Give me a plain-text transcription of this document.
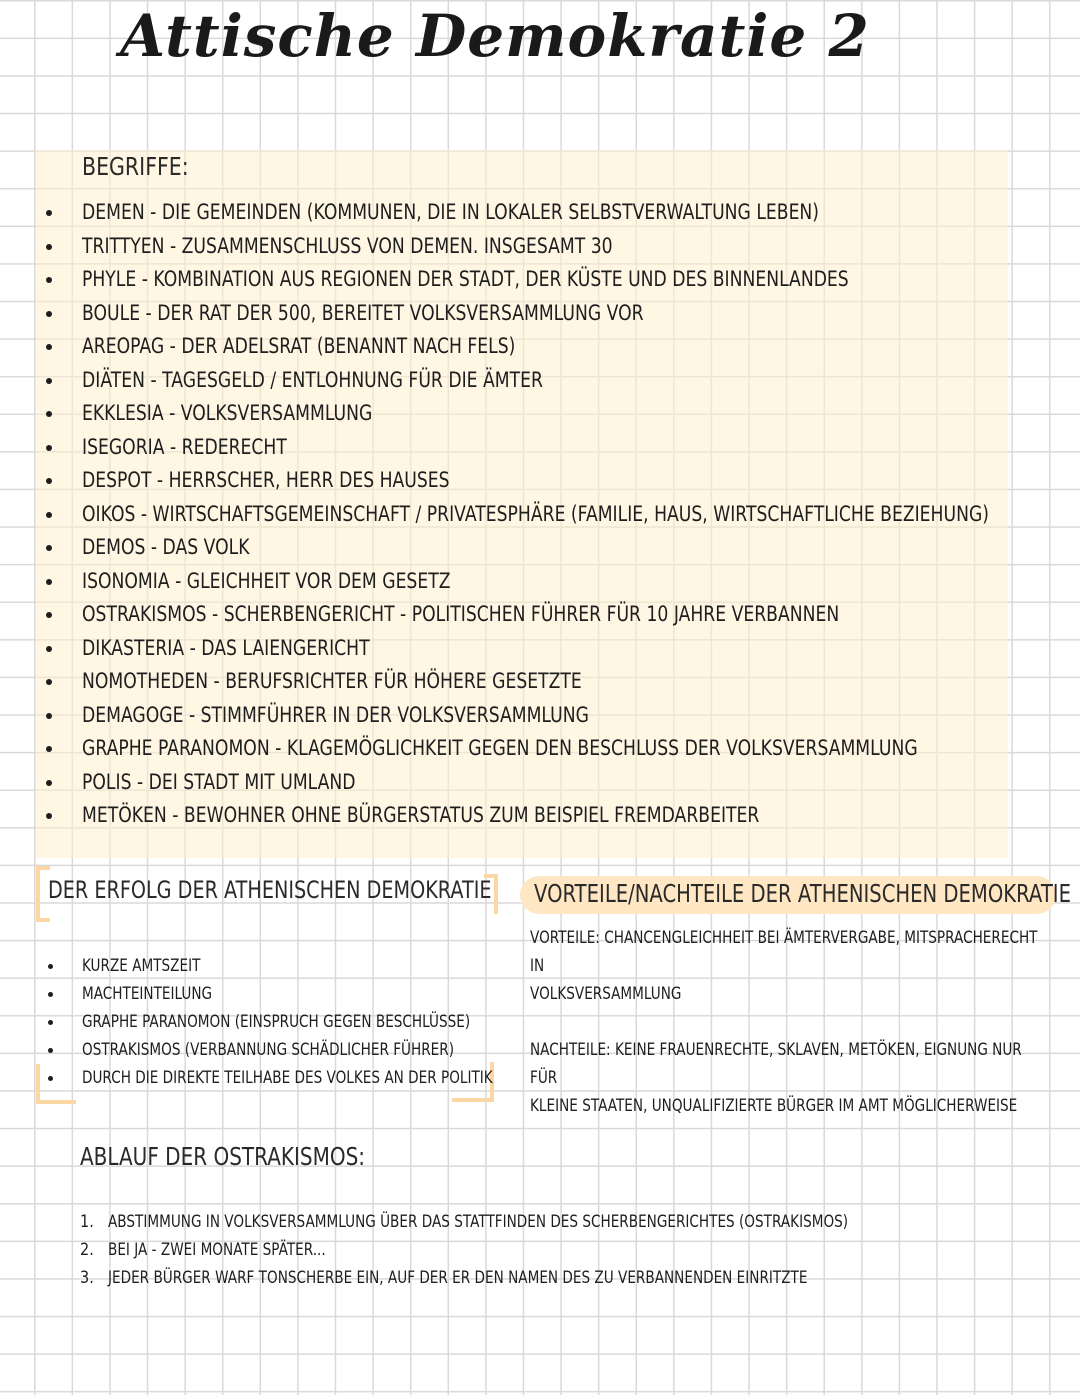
Attische Demokratie 2
BEGRIFFE:
DEMEN - DIE GEMEINDEN (KOMMUNEN, DIE IN LOKALER SELBSTVERWALTUNG LEBEN)
TRITTYEN - ZUSAMMENSCHLUSS VON DEMEN. INSGESAMT 30
PHYLE - KOMBINATION AUS REGIONEN DER STADT, DER KÜSTE UND DES BINNENLANDES
BOULE - DER RAT DER 500, BEREITET VOLKSVERSAMMLUNG VOR
AREOPAG - DER ADELSRAT (BENANNT NACH FELS)
DIÄTEN - TAGESGELD / ENTLOHNUNG FÜR DIE ÄMTER
EKKLESIA - VOLKSVERSAMMLUNG
ISEGORIA - REDERECHT
DESPOT - HERRSCHER, HERR DES HAUSES
OIKOS - WIRTSCHAFTSGEMEINSCHAFT / PRIVATESPHÄRE (FAMILIE, HAUS, WIRTSCHAFTLICHE BEZIEHUNG)
DEMOS - DAS VOLK
ISONOMIA - GLEICHHEIT VOR DEM GESETZ
OSTRAKISMOS - SCHERBENGERICHT - POLITISCHEN FÜHRER FÜR 10 JAHRE VERBANNEN
DIKASTERIA - DAS LAIENGERICHT
NOMOTHEDEN - BERUFSRICHTER FÜR HÖHERE GESETZTE
DEMAGOGE - STIMMFÜHRER IN DER VOLKSVERSAMMLUNG
GRAPHE PARANOMON - KLAGEMÖGLICHKEIT GEGEN DEN BESCHLUSS DER VOLKSVERSAMMLUNG
POLIS - DEI STADT MIT UMLAND
METÖKEN - BEWOHNER OHNE BÜRGERSTATUS ZUM BEISPIEL FREMDARBEITER
DER ERFOLG DER ATHENISCHEN DEMOKRATIE VORTEILE/NACHTEILE DER ATHENISCHEN DEMOKRATIE
KURZE AMTSZEIT
MACHTEINTEILUNG
GRAPHE PARANOMON (EINSPRUCH GEGEN BESCHLÜSSE)
OSTRAKISMOS (VERBANNUNG SCHÄDLICHER FÜHRER)
DURCH DIE DIREKTE TEILHABE DES VOLKES AN DER POLITIK
VORTEILE: CHANCENGLEICHHEIT BEI ÄMTERVERGABE, MITSPRACHERECHT IN
VOLKSVERSAMMLUNG
NACHTEILE: KEINE FRAUENRECHTE, SKLAVEN, METÖKEN, EIGNUNG NUR FÜR
KLEINE STAATEN, UNQUALIFIZIERTE BÜRGER IM AMT MÖGLICHERWEISE
ABLAUF DER OSTRAKISMOS:
1. ABSTIMMUNG IN VOLKSVERSAMMLUNG ÜBER DAS STATTFINDEN DES SCHERBENGERICHTES (OSTRAKISMOS)
2. BEI JA - ZWEI MONATE SPÄTER...
3. JEDER BÜRGER WARF TONSCHERBE EIN, AUF DER ER DEN NAMEN DES ZU VERBANNENDEN EINRITZTE
